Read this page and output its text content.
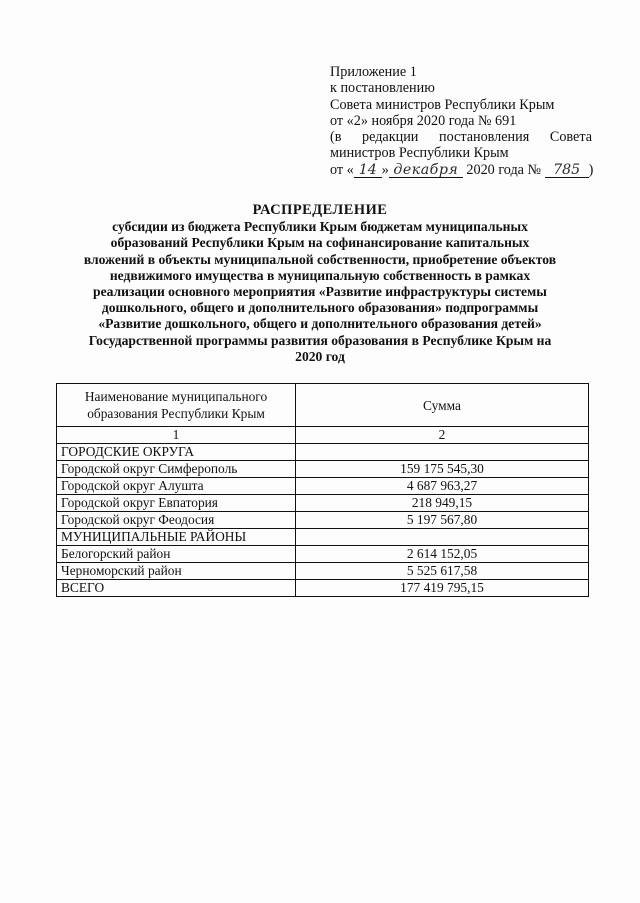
Приложение 1
к постановлению
Совета министров Республики Крым
от «2» ноября 2020 года № 691
(в редакции постановления Совета
министров Республики Крым
от « 14 » декабря 2020 года № 785 )
РАСПРЕДЕЛЕНИЕ
субсидии из бюджета Республики Крым бюджетам муниципальных
образований Республики Крым на софинансирование капитальных
вложений в объекты муниципальной собственности, приобретение объектов
недвижимого имущества в муниципальную собственность в рамках
реализации основного мероприятия «Развитие инфраструктуры системы
дошкольного, общего и дополнительного образования» подпрограммы
«Развитие дошкольного, общего и дополнительного образования детей»
Государственной программы развития образования в Республике Крым на
2020 год
Наименование муниципального образования Республики Крым	Сумма
1	2
ГОРОДСКИЕ ОКРУГА	
Городской округ Симферополь	159 175 545,30
Городской округ Алушта	4 687 963,27
Городской округ Евпатория	218 949,15
Городской округ Феодосия	5 197 567,80
МУНИЦИПАЛЬНЫЕ РАЙОНЫ	
Белогорский район	2 614 152,05
Черноморский район	5 525 617,58
ВСЕГО	177 419 795,15
